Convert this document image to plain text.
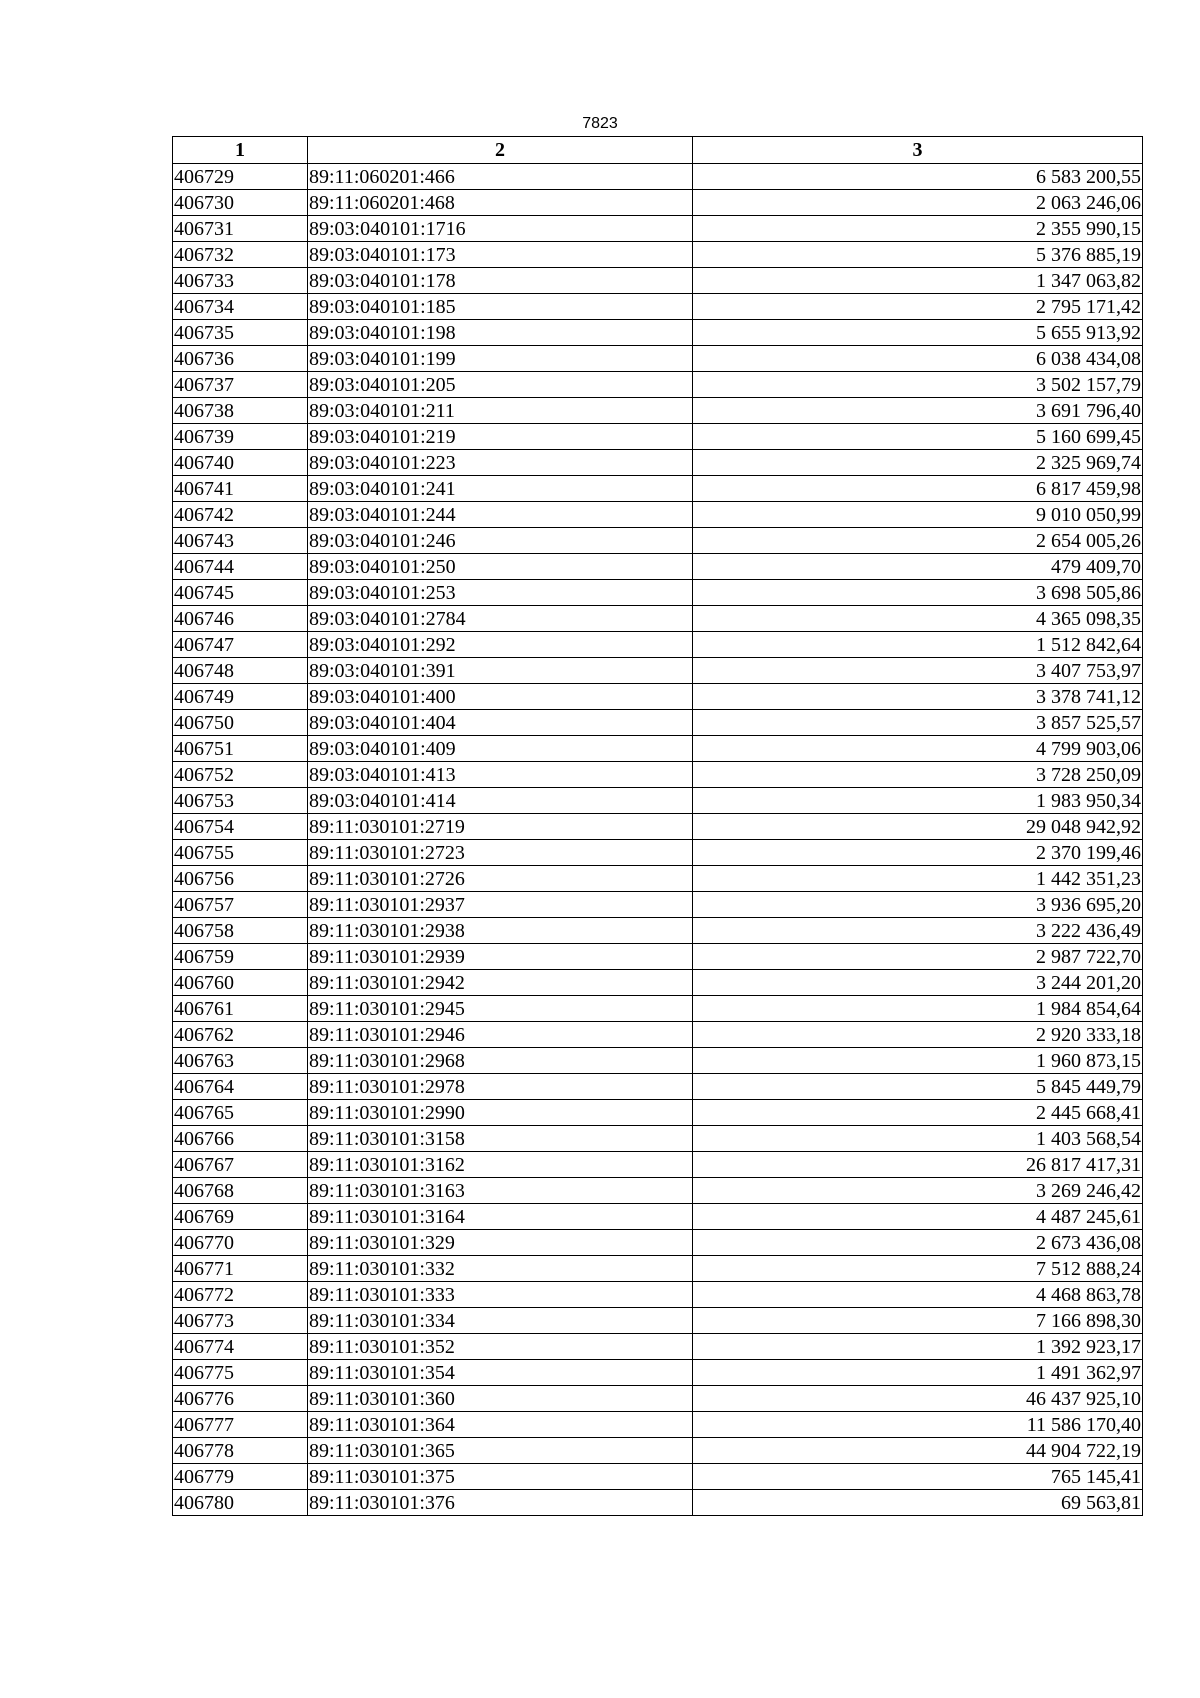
7823
1	2	3
406729	89:11:060201:466	6 583 200,55
406730	89:11:060201:468	2 063 246,06
406731	89:03:040101:1716	2 355 990,15
406732	89:03:040101:173	5 376 885,19
406733	89:03:040101:178	1 347 063,82
406734	89:03:040101:185	2 795 171,42
406735	89:03:040101:198	5 655 913,92
406736	89:03:040101:199	6 038 434,08
406737	89:03:040101:205	3 502 157,79
406738	89:03:040101:211	3 691 796,40
406739	89:03:040101:219	5 160 699,45
406740	89:03:040101:223	2 325 969,74
406741	89:03:040101:241	6 817 459,98
406742	89:03:040101:244	9 010 050,99
406743	89:03:040101:246	2 654 005,26
406744	89:03:040101:250	479 409,70
406745	89:03:040101:253	3 698 505,86
406746	89:03:040101:2784	4 365 098,35
406747	89:03:040101:292	1 512 842,64
406748	89:03:040101:391	3 407 753,97
406749	89:03:040101:400	3 378 741,12
406750	89:03:040101:404	3 857 525,57
406751	89:03:040101:409	4 799 903,06
406752	89:03:040101:413	3 728 250,09
406753	89:03:040101:414	1 983 950,34
406754	89:11:030101:2719	29 048 942,92
406755	89:11:030101:2723	2 370 199,46
406756	89:11:030101:2726	1 442 351,23
406757	89:11:030101:2937	3 936 695,20
406758	89:11:030101:2938	3 222 436,49
406759	89:11:030101:2939	2 987 722,70
406760	89:11:030101:2942	3 244 201,20
406761	89:11:030101:2945	1 984 854,64
406762	89:11:030101:2946	2 920 333,18
406763	89:11:030101:2968	1 960 873,15
406764	89:11:030101:2978	5 845 449,79
406765	89:11:030101:2990	2 445 668,41
406766	89:11:030101:3158	1 403 568,54
406767	89:11:030101:3162	26 817 417,31
406768	89:11:030101:3163	3 269 246,42
406769	89:11:030101:3164	4 487 245,61
406770	89:11:030101:329	2 673 436,08
406771	89:11:030101:332	7 512 888,24
406772	89:11:030101:333	4 468 863,78
406773	89:11:030101:334	7 166 898,30
406774	89:11:030101:352	1 392 923,17
406775	89:11:030101:354	1 491 362,97
406776	89:11:030101:360	46 437 925,10
406777	89:11:030101:364	11 586 170,40
406778	89:11:030101:365	44 904 722,19
406779	89:11:030101:375	765 145,41
406780	89:11:030101:376	69 563,81
